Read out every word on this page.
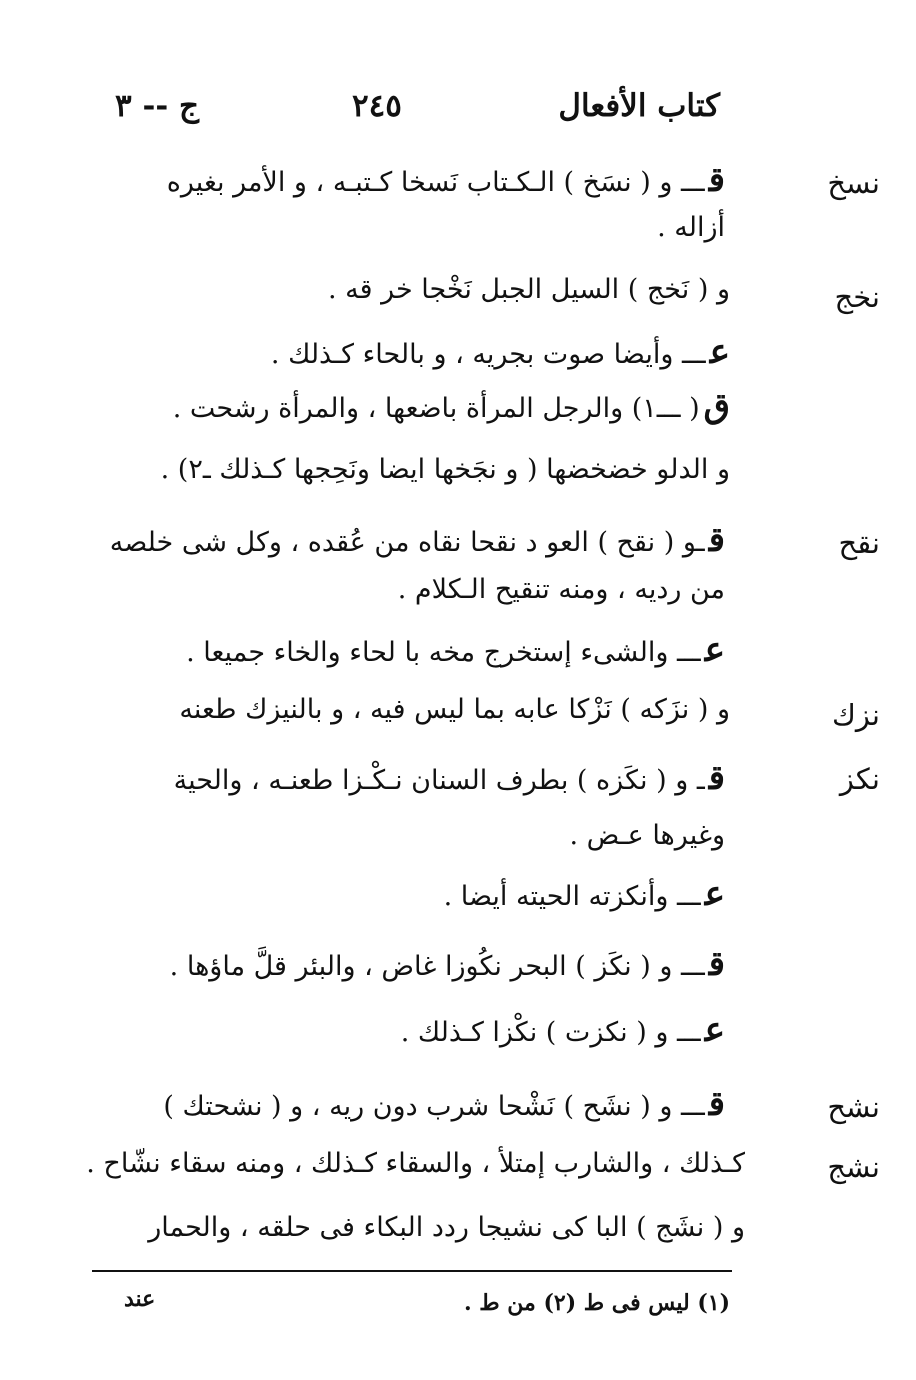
كتاب الأفعال
٢٤٥
ج -- ٣
نسخ
قـــ و ( نسَخ ) الـكـتاب نَسخا كـتبـه ، و الأمر بغيره
أزاله .
نخج
و ( نَخج ) السيل الجبل نَخْجا خر قه .
عـــ وأيضا صوت بجريه ، و بالحاء كـذلك .
ق( ـــ١) والرجل المرأة باضعها ، والمرأة رشحت .
و الدلو خضخضها ( و نجَخها ايضا ونَحِجها كـذلك ـ٢) .
نقح
قـو ( نقح ) العو د نقحا نقاه من عُقده ، وكل شى خلصه
من رديه ، ومنه تنقيح الـكلام .
عـــ والشىء إستخرج مخه با لحاء والخاء جميعا .
نزك
و ( نزَكه ) نَزْكا عابه بما ليس فيه ، و بالنيزك طعنه
نكز
قـ و ( نكَزه ) بطرف السنان نـكْـزا طعنـه ، والحية
وغيرها عـض .
عـــ وأنكزته الحيته أيضا .
قـــ و ( نكَز ) البحر نكُوزا غاض ، والبئر قلَّ ماؤها .
عـــ و ( نكزت ) نكْزا كـذلك .
نشح
قـــ و ( نشَح ) نَشْحا شرب دون ريه ، و ( نشحتك )
نشج
كـذلك ، والشارب إمتلأ ، والسقاء كـذلك ، ومنه سقاء نشّاح .
و ( نشَج ) البا كى نشيجا ردد البكاء فى حلقه ، والحمار
(١) ليس فى ط (٢) من ط .
عند
